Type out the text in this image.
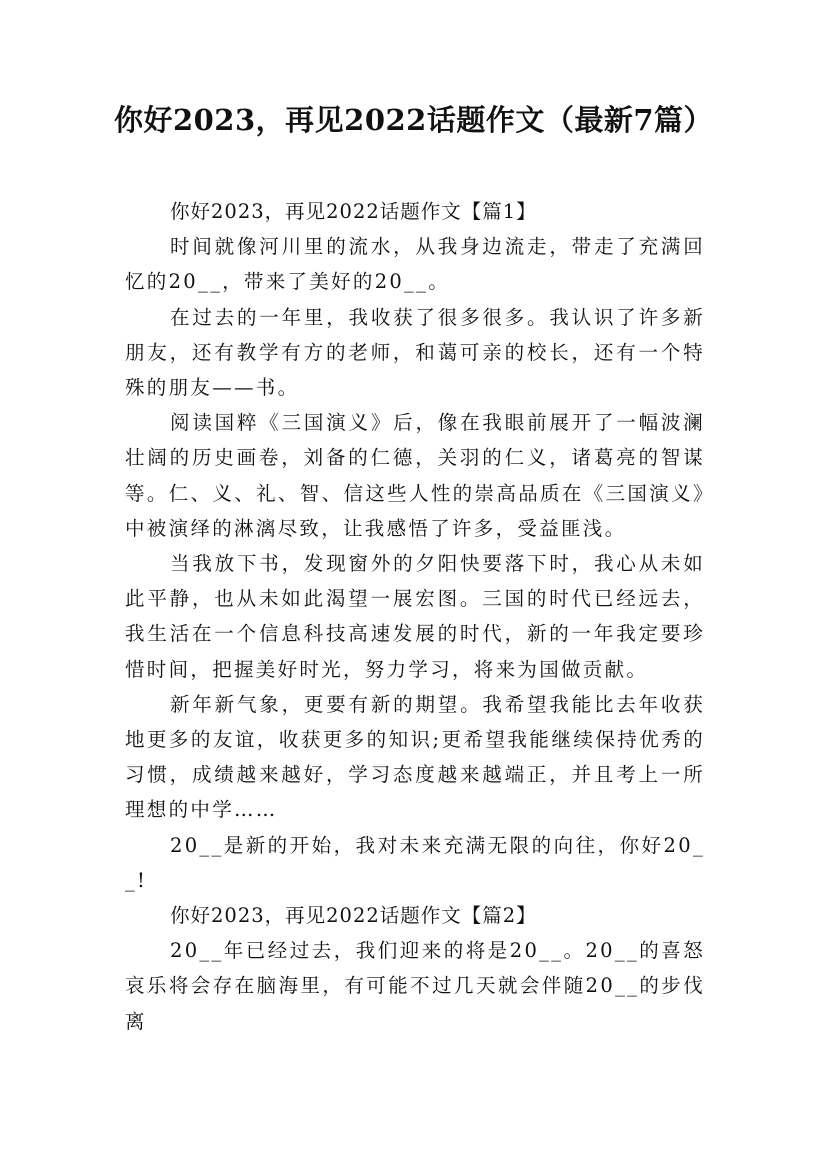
你好2023，再见2022话题作文（最新7篇）

你好2023，再见2022话题作文【篇1】

时间就像河川里的流水，从我身边流走，带走了充满回忆的20__，带来了美好的20__。

在过去的一年里，我收获了很多很多。我认识了许多新朋友，还有教学有方的老师，和蔼可亲的校长，还有一个特殊的朋友——书。

阅读国粹《三国演义》后，像在我眼前展开了一幅波澜壮阔的历史画卷，刘备的仁德，关羽的仁义，诸葛亮的智谋等。仁、义、礼、智、信这些人性的崇高品质在《三国演义》中被演绎的淋漓尽致，让我感悟了许多，受益匪浅。

当我放下书，发现窗外的夕阳快要落下时，我心从未如此平静，也从未如此渴望一展宏图。三国的时代已经远去，我生活在一个信息科技高速发展的时代，新的一年我定要珍惜时间，把握美好时光，努力学习，将来为国做贡献。

新年新气象，更要有新的期望。我希望我能比去年收获地更多的友谊，收获更多的知识;更希望我能继续保持优秀的习惯，成绩越来越好，学习态度越来越端正，并且考上一所理想的中学……

20__是新的开始，我对未来充满无限的向往，你好20__!

你好2023，再见2022话题作文【篇2】

20__年已经过去，我们迎来的将是20__。20__的喜怒哀乐将会存在脑海里，有可能不过几天就会伴随20__的步伐离
